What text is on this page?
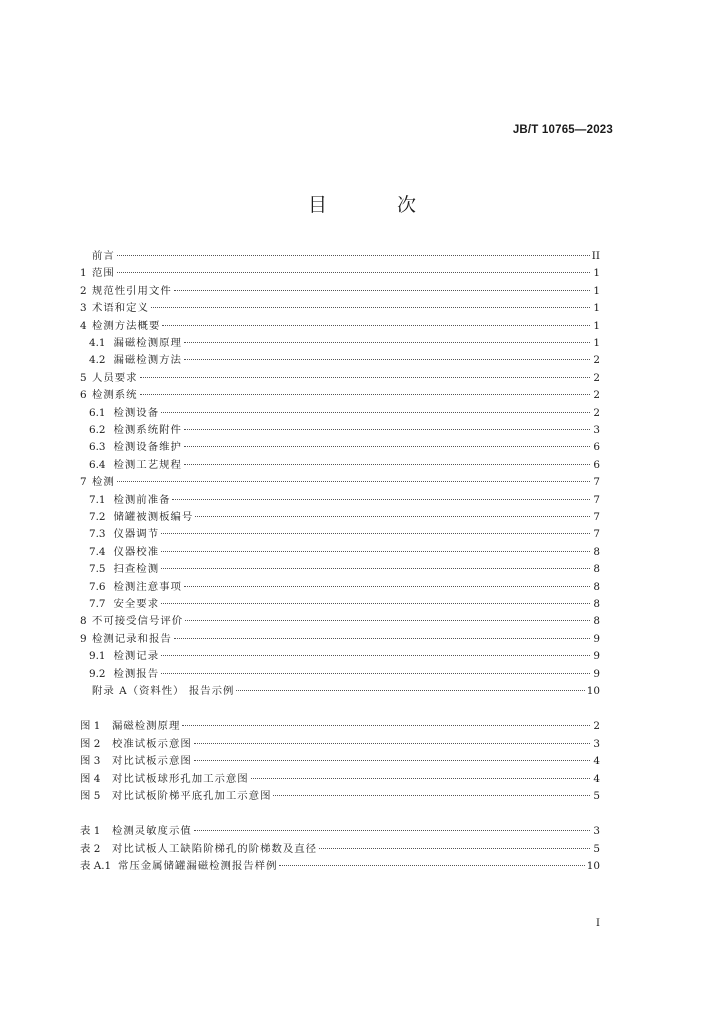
JB/T 10765—2023
目 次
前言	II
1 范围	1
2 规范性引用文件	1
3 术语和定义	1
4 检测方法概要	1
4.1 漏磁检测原理	1
4.2 漏磁检测方法	2
5 人员要求	2
6 检测系统	2
6.1 检测设备	2
6.2 检测系统附件	3
6.3 检测设备维护	6
6.4 检测工艺规程	6
7 检测	7
7.1 检测前准备	7
7.2 储罐被测板编号	7
7.3 仪器调节	7
7.4 仪器校准	8
7.5 扫查检测	8
7.6 检测注意事项	8
7.7 安全要求	8
8 不可接受信号评价	8
9 检测记录和报告	9
9.1 检测记录	9
9.2 检测报告	9
附录 A（资料性） 报告示例	10
图 1	漏磁检测原理	2
图 2	校准试板示意图	3
图 3	对比试板示意图	4
图 4	对比试板球形孔加工示意图	4
图 5	对比试板阶梯平底孔加工示意图	5
表 1	检测灵敏度示值	3
表 2	对比试板人工缺陷阶梯孔的阶梯数及直径	5
表 A.1 常压金属储罐漏磁检测报告样例	10
I
